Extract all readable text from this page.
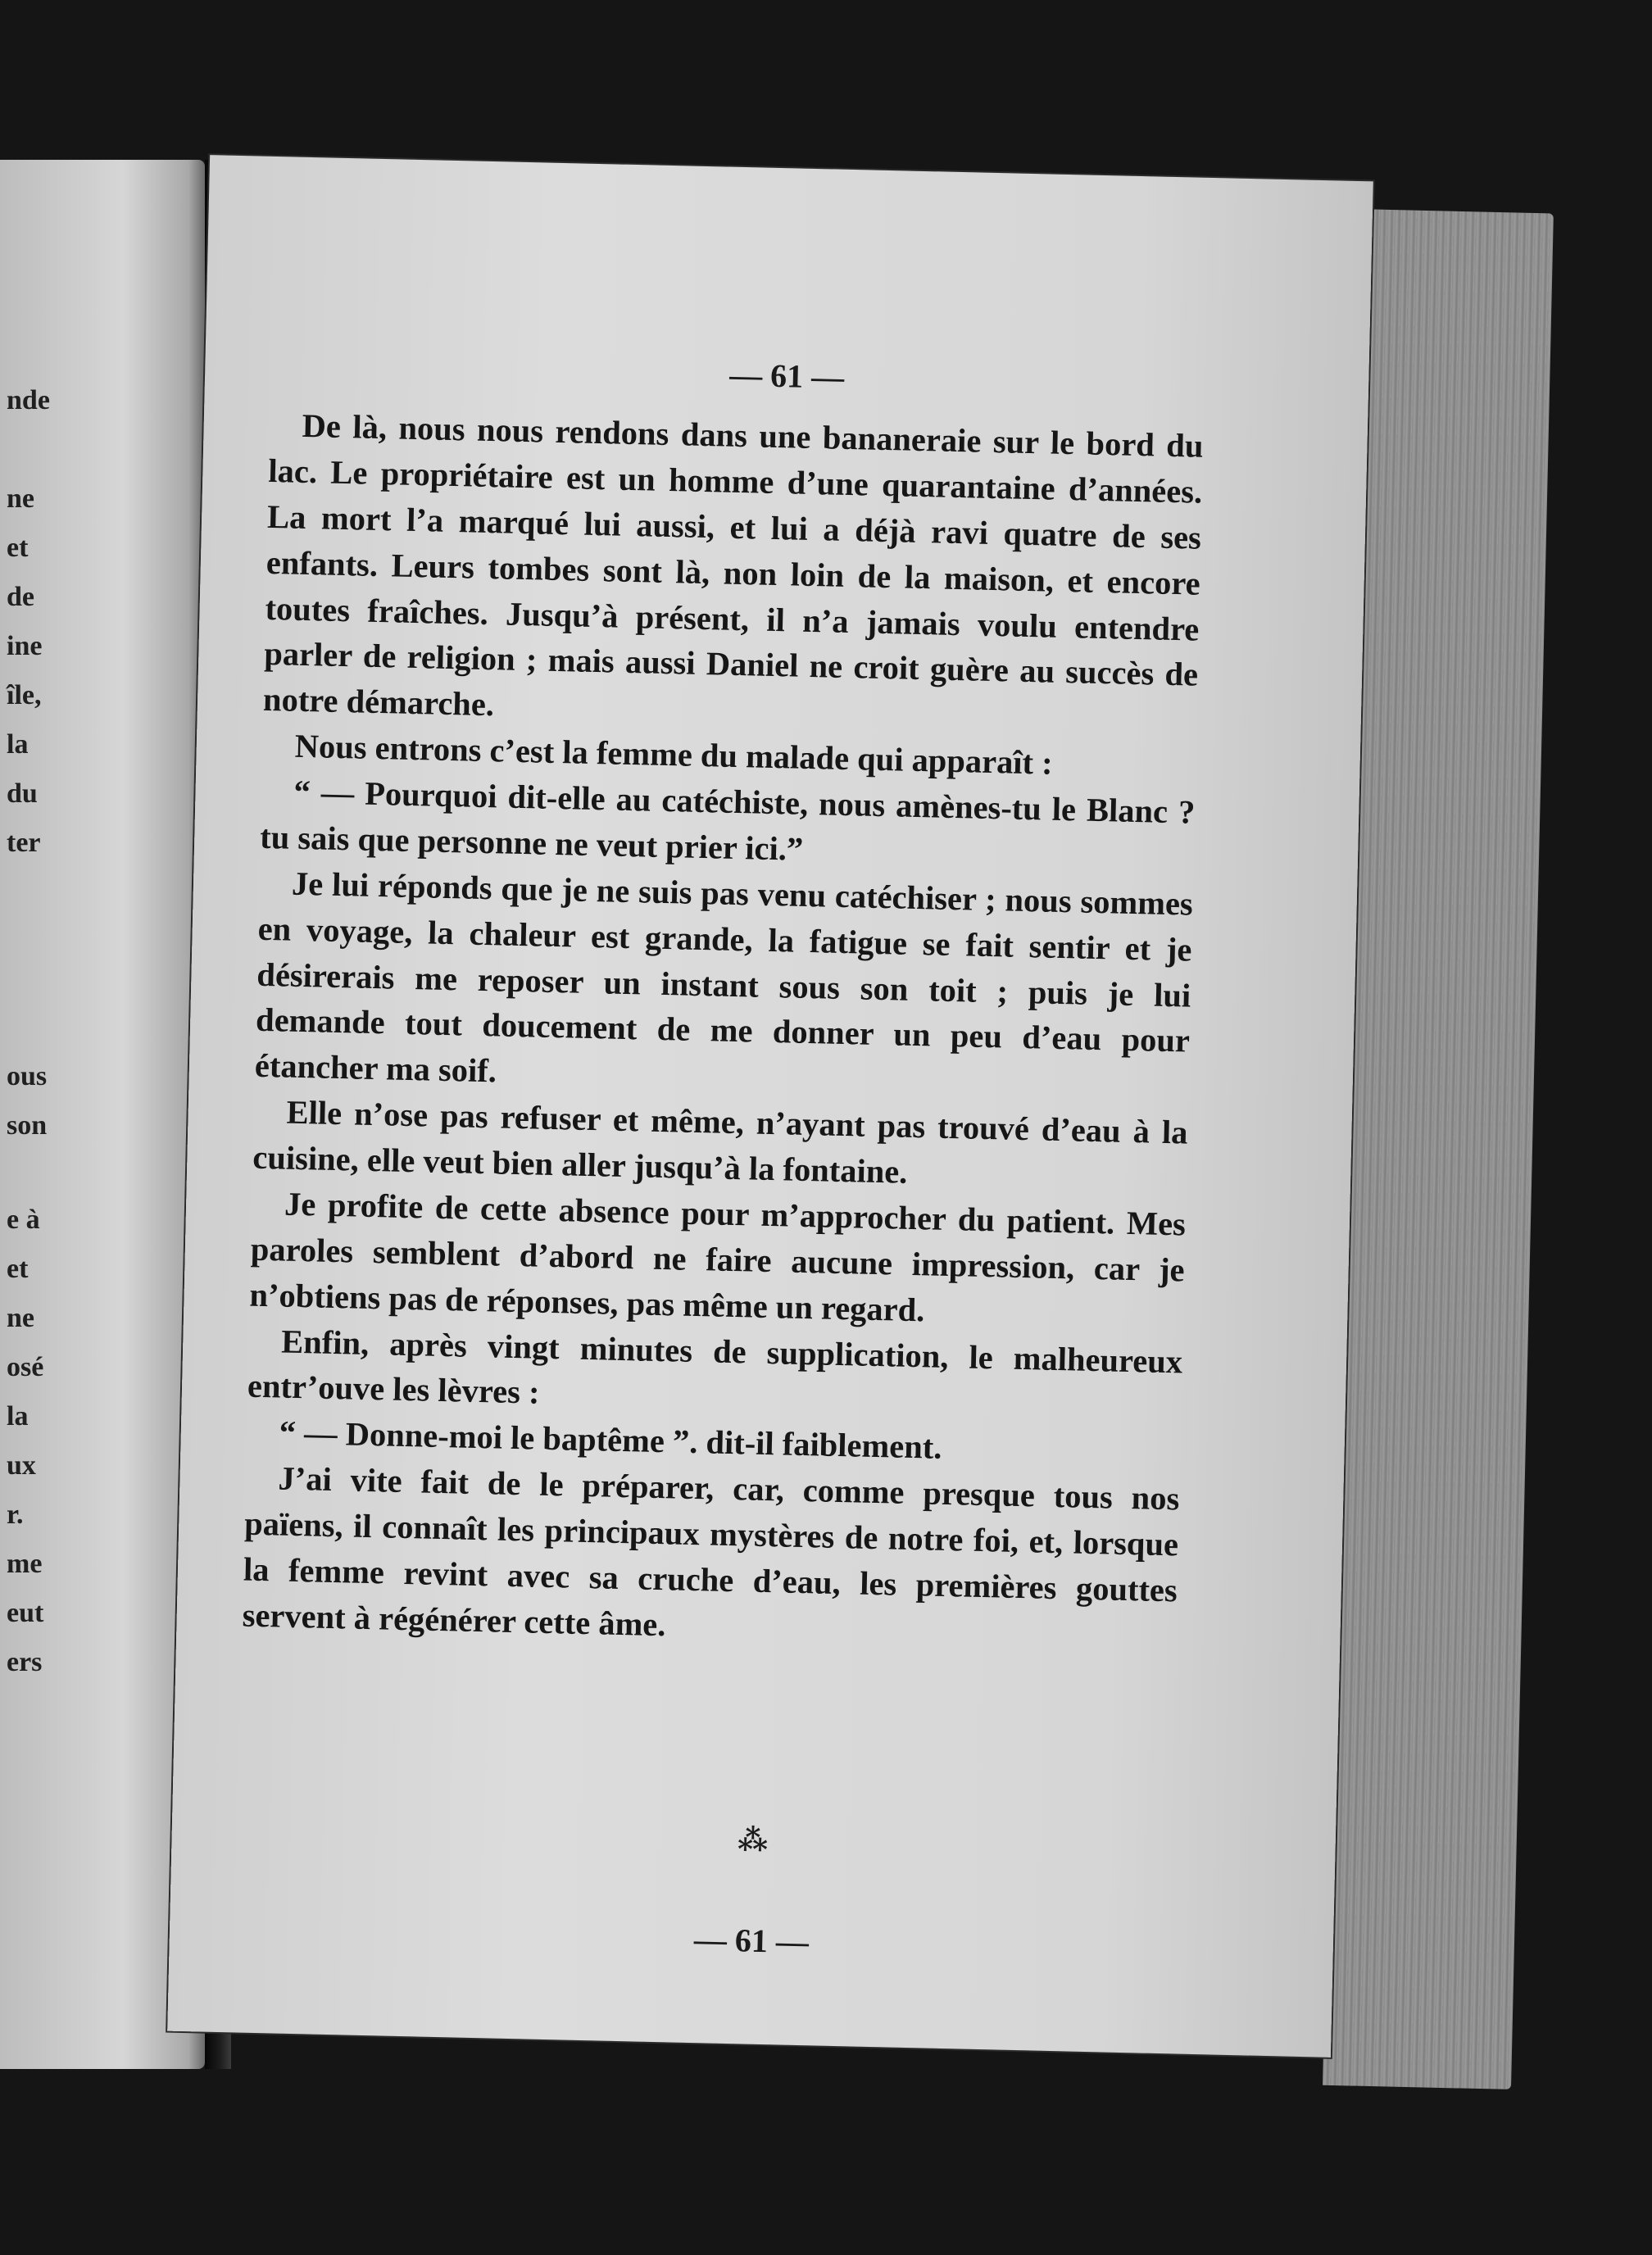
nde
ne
et
de
ine
île,
la
du
ter
ous
son
e à
et
ne
osé
la
ux
r.
me
eut
ers
— 61 —

De là, nous nous rendons dans une bananeraie sur le bord du lac. Le propriétaire est un homme d’une quarantaine d’années. La mort l’a marqué lui aussi, et lui a déjà ravi quatre de ses enfants. Leurs tombes sont là, non loin de la maison, et encore toutes fraîches. Jusqu’à présent, il n’a jamais voulu entendre parler de religion ; mais aussi Daniel ne croit guère au succès de notre démarche.

Nous entrons c’est la femme du malade qui apparaît :

“ — Pourquoi dit-elle au catéchiste, nous amènes-tu le Blanc ? tu sais que personne ne veut prier ici.”

Je lui réponds que je ne suis pas venu catéchiser ; nous sommes en voyage, la chaleur est grande, la fatigue se fait sentir et je désirerais me reposer un instant sous son toit ; puis je lui demande tout doucement de me donner un peu d’eau pour étancher ma soif.

Elle n’ose pas refuser et même, n’ayant pas trouvé d’eau à la cuisine, elle veut bien aller jusqu’à la fontaine.

Je profite de cette absence pour m’approcher du patient. Mes paroles semblent d’abord ne faire aucune impression, car je n’obtiens pas de réponses, pas même un regard.

Enfin, après vingt minutes de supplication, le malheureux entr’ouve les lèvres :

“ — Donne-moi le baptême ”. dit-il faiblement.

J’ai vite fait de le préparer, car, comme presque tous nos païens, il connaît les principaux mystères de notre foi, et, lorsque la femme revint avec sa cruche d’eau, les premières gouttes servent à régénérer cette âme.

⁂
— 61 —
